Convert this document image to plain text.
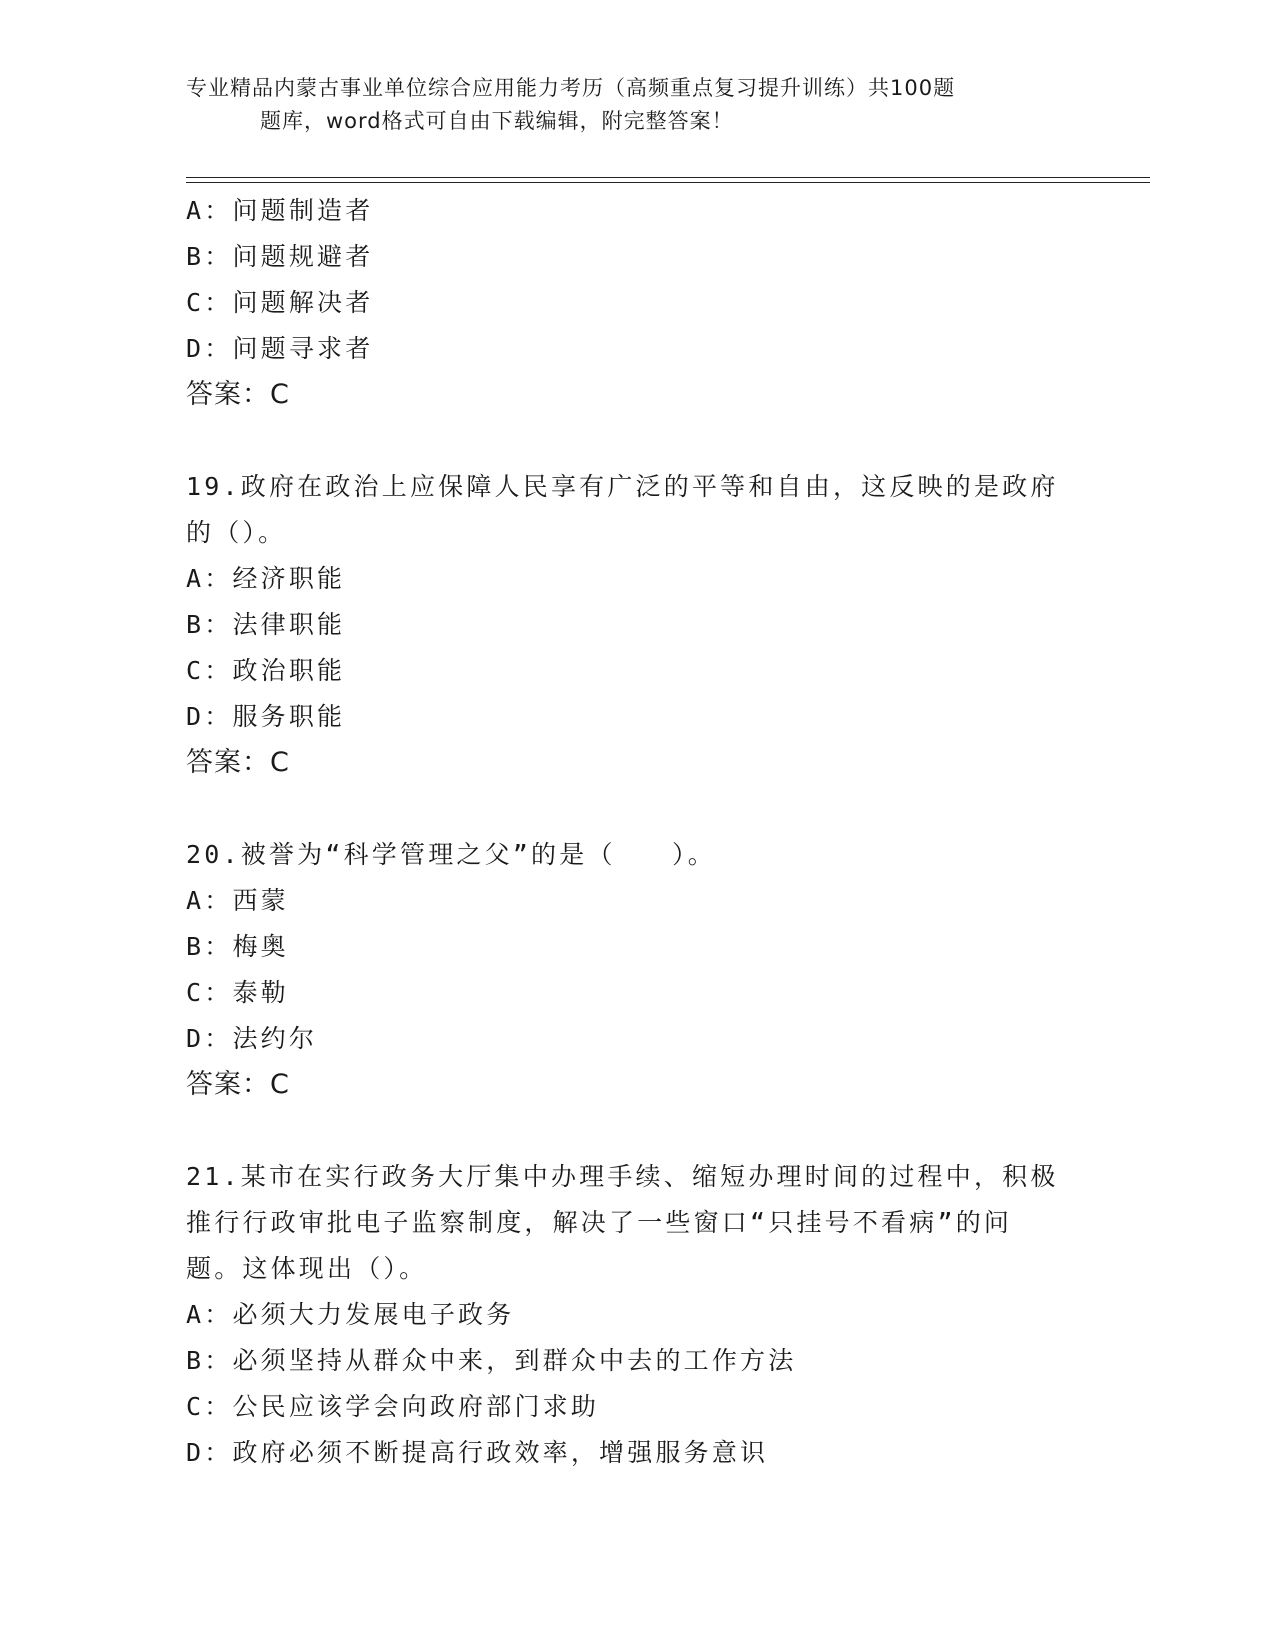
专业精品内蒙古事业单位综合应用能力考历（高频重点复习提升训练）共100题
题库，word格式可自由下载编辑，附完整答案！
A：问题制造者
B：问题规避者
C：问题解决者
D：问题寻求者
答案：C
19.政府在政治上应保障人民享有广泛的平等和自由，这反映的是政府
的（）。
A：经济职能
B：法律职能
C：政治职能
D：服务职能
答案：C
20.被誉为“科学管理之父”的是（　　）。
A：西蒙
B：梅奥
C：泰勒
D：法约尔
答案：C
21.某市在实行政务大厅集中办理手续、缩短办理时间的过程中，积极
推行行政审批电子监察制度，解决了一些窗口“只挂号不看病”的问
题。这体现出（）。
A：必须大力发展电子政务
B：必须坚持从群众中来，到群众中去的工作方法
C：公民应该学会向政府部门求助
D：政府必须不断提高行政效率，增强服务意识
